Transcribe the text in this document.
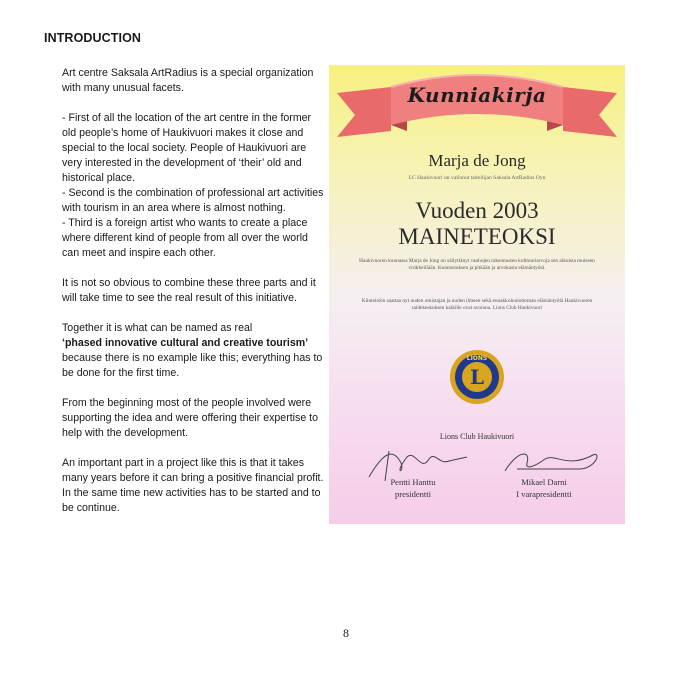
INTRODUCTION

Art centre Saksala ArtRadius is a special organization with many unusual facets.

- First of all the location of the art centre in the former old people’s home of Haukivuori makes it close and special to the local society. People of Haukivuori are very interested in the development of ‘their’ old and historical place.

- Second is the combination of professional art activities with tourism in an area where is almost nothing.

- Third is a foreign artist who wants to create a place where different kind of people from all over the world can meet and inspire each other.

It is not so obvious to combine these three parts and it will take time to see the real result of this initiative.

Together it is what can be named as real

‘phased innovative cultural and creative tourism’

because there is no example like this; everything has to be done for the first time.

From the beginning most of the people involved were supporting the idea and were offering their expertise to help with the development.

An important part in a project like this is that it takes many years before it can bring a positive financial profit. In the same time new activities has to be started and to be continue.

Kunniakirja
Marja de Jong
LC Haukivuori on valinnut taiteilijan Saksala ArtRadius Oyn
Vuoden 2003
MAINETEOKSI
Haukivuoren kunnassa Marja de Jong on säilyttänyt vanhojen rakennusten kulttuuriarvoja sen alkuista muiseen virikkeillään. Kunnostuksen ja pitkään ja arvokasta elämäntyötä.
Kiinteistön saattaa nyt uuden omistajan ja uuden ilmeen sekä ennakkoluulottoman elämäntyötä Haukivuoren taidekeskuksen kaikille ovat avoinna. Lions Club Haukivuori
L
LIONS
Lions Club Haukivuori
Pentti Hanttu
presidentti
Mikael Darni
I varapresidentti
8
